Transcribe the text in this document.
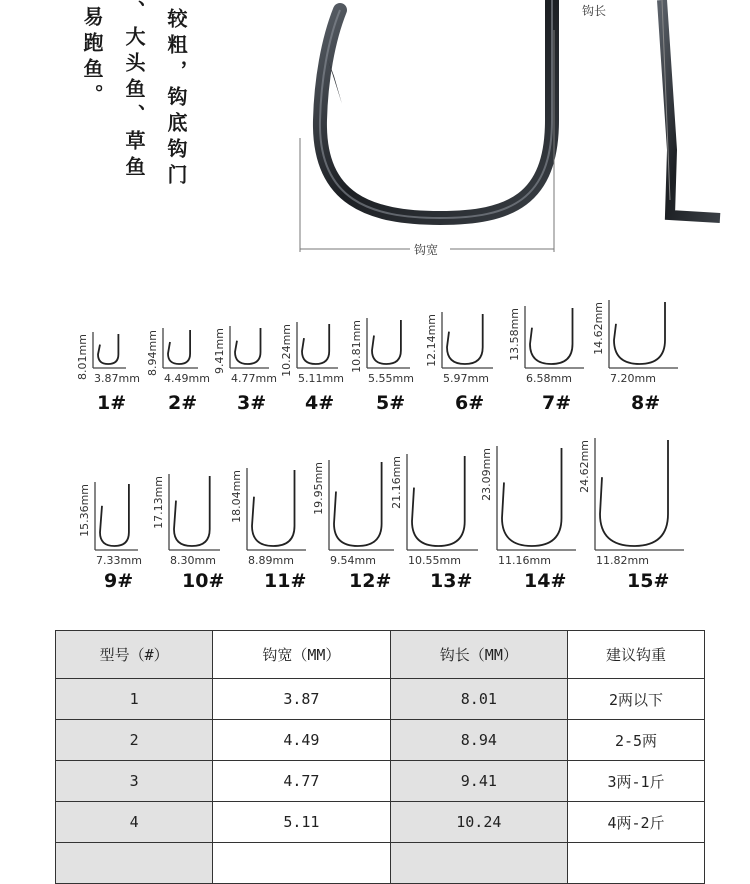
易跑鱼。 、大头鱼、草鱼 较粗，钩底钩门	钩长
钩宽
8.01mm 3.87mm
1#
8.94mm
4.49mm
2#
9.41mm
4.77mm
3#
10.24mm
5.11mm
4#
10.81mm
5.55mm
5#
12.14mm
5.97mm
6#
13.58mm
6.58mm
7#
14.62mm
7.20mm
8#
15.36mm
7.33mm
9#
17.13mm
8.30mm
10#
18.04mm
8.89mm
11#
19.95mm
9.54mm
12#
21.16mm
10.55mm
13#
23.09mm
11.16mm
14#
24.62mm
11.82mm
15#
型号（#）	钩宽（MM）	钩长（MM）	建议钩重
1	3.87	8.01	2两以下
2	4.49	8.94	2-5两
3	4.77	9.41	3两-1斤
4	5.11	10.24	4两-2斤
